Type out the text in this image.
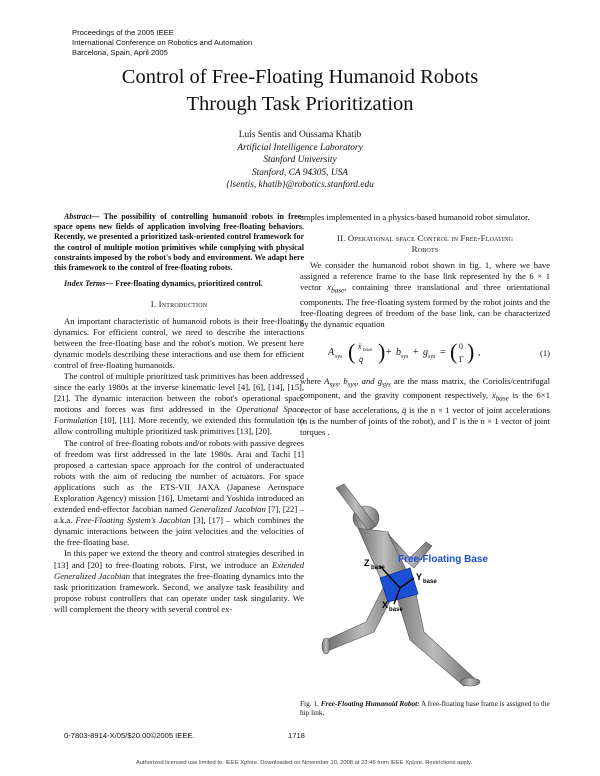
Proceedings of the 2005 IEEE
International Conference on Robotics and Automation
Barcelona, Spain, April 2005
Control of Free-Floating Humanoid Robots
Through Task Prioritization
Luis Sentis and Oussama Khatib
Artificial Intelligence Laboratory
Stanford University
Stanford, CA 94305, USA
{lsentis, khatib}@robotics.stanford.edu

Abstract— The possibility of controlling humanoid robots in free-space opens new fields of application involving free-floating behaviors. Recently, we presented a prioritized task-oriented control framework for the control of multiple motion primitives while complying with physical constraints imposed by the robot's body and environment. We adapt here this framework to the control of free-floating robots.

Index Terms— Free-floating dynamics, prioritized control.

I. Introduction

An important characteristic of humanoid robots is their free-floating dynamics. For efficient control, we need to describe the interactions between the free-floating base and the robot's motion. We present here dynamic models describing these interactions and use them for efficient control of free-floating humanoids.

The control of multiple prioritized task primitives has been addressed since the early 1980s at the inverse kinematic level [4], [6], [14], [15], [21]. The dynamic interaction between the robot's operational space motions and forces was first addressed in the Operational Space Formulation [10], [11]. More recently, we extended this formulation to allow controlling multiple prioritized task primitives [13], [20].

The control of free-floating robots and/or robots with passive degrees of freedom was first addressed in the late 1980s. Arai and Tachi [1] proposed a cartesian space approach for the control of underactuated robots with the aim of reducing the number of actuators. For space applications such as the ETS-VII JAXA (Japanese Aerospace Exploration Agency) mission [16], Umetami and Yoshida introduced an extended end-effector Jacobian named Generalized Jacobian [7], [22] – a.k.a. Free-Floating System's Jacobian [3], [17] – which combines the dynamic interactions between the joint velocities and the velocities of the free-floating base.

In this paper we extend the theory and control strategies described in [13] and [20] to free-floating robots. First, we introduce an Extended Generalized Jacobian that integrates the free-floating dynamics into the task prioritization framework. Second, we analyze task feasibility and propose robust controllers that can operate under task singularity. We will complement the theory with several control ex-

amples implemented in a physics-based humanoid robot simulator.

II. Operational space Control in Free-Floating
Robots

We consider the humanoid robot shown in fig. 1, where we have assigned a reference frame to the base link represented by the 6 × 1 vector $x_{base}$, containing three translational and three orientational components. The free-floating system formed by the robot joints and the free-floating degrees of freedom of the base link, can be characterized by the dynamic equation

A sys ( ẍ base
q̈ ) + b sys + g sys = ( 0
Γ ) ,	(1)

where $A_{sys}$, $b_{sys}$, and $g_{sys}$ are the mass matrix, the Coriolis/centrifugal component, and the gravity component respectively, ẍ$_{base}$ is the 6×1 vector of base accelerations, q̈ is the n × 1 vector of joint accelerations (n is the number of joints of the robot), and Γ is the n × 1 vector of joint torques .

Free-Floating Base
Z base
Y base
X base
Fig. 1. Free-Floating Humanoid Robot: A free-floating base frame is assigned to the hip link.
0-7803-8914-X/05/$20.00©2005 IEEE.	1718
Authorized licensed use limited to: IEEE Xplore. Downloaded on November 10, 2008 at 23:46 from IEEE Xplore. Restrictions apply.
